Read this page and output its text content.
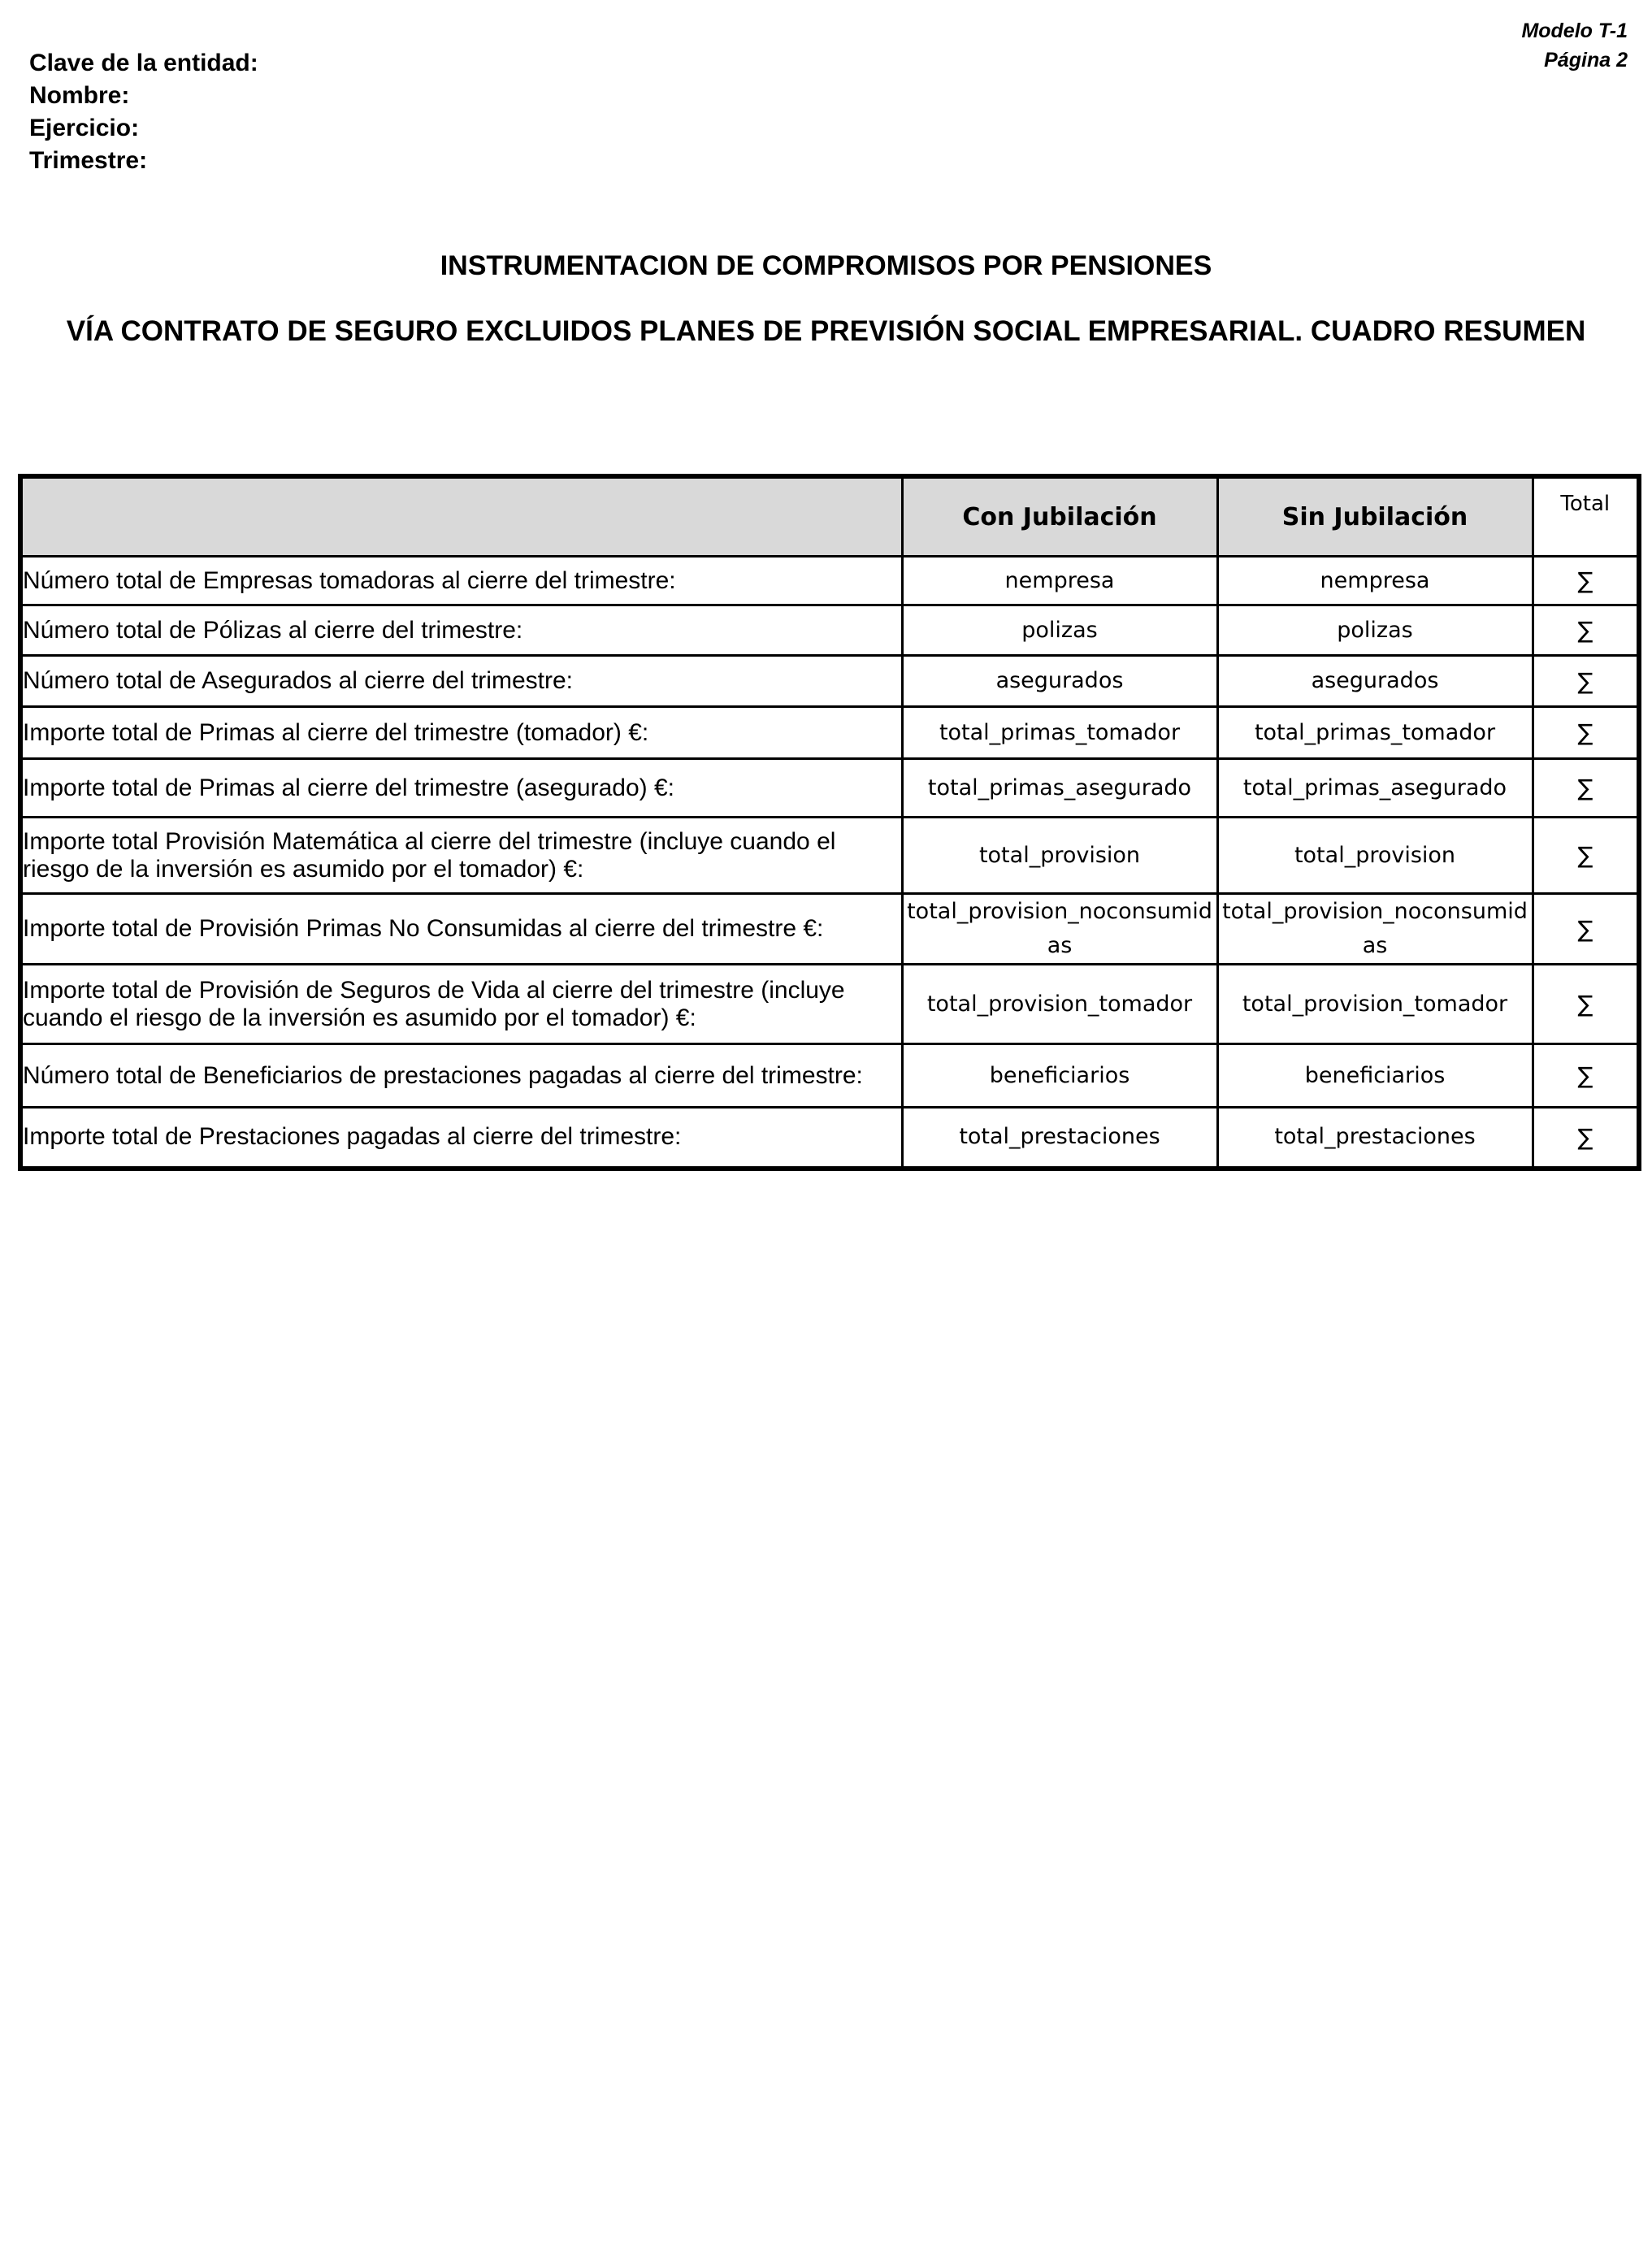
Modelo T-1
Página 2
Clave de la entidad:
Nombre:
Ejercicio:
Trimestre:
INSTRUMENTACION DE COMPROMISOS POR PENSIONES
VÍA CONTRATO DE SEGURO EXCLUIDOS PLANES DE PREVISIÓN SOCIAL EMPRESARIAL. CUADRO RESUMEN
	Con Jubilación	Sin Jubilación	Total
Número total de Empresas tomadoras al cierre del trimestre:	nempresa	nempresa	∑
Número total de Pólizas al cierre del trimestre:	polizas	polizas	∑
Número total de Asegurados al cierre del trimestre:	asegurados	asegurados	∑
Importe total de Primas al cierre del trimestre (tomador) €:	total_primas_tomador	total_primas_tomador	∑
Importe total de Primas al cierre del trimestre (asegurado) €:	total_primas_asegurado	total_primas_asegurado	∑
Importe total Provisión Matemática al cierre del trimestre (incluye cuando el riesgo de la inversión es asumido por el tomador) €:	total_provision	total_provision	∑
Importe total de Provisión Primas No Consumidas al cierre del trimestre €:	total_provision_noconsumidas	total_provision_noconsumidas	∑
Importe total de Provisión de Seguros de Vida al cierre del trimestre (incluye cuando el riesgo de la inversión es asumido por el tomador) €:	total_provision_tomador	total_provision_tomador	∑
Número total de Beneficiarios de prestaciones pagadas al cierre del trimestre:	beneficiarios	beneficiarios	∑
Importe total de Prestaciones pagadas al cierre del trimestre:	total_prestaciones	total_prestaciones	∑
